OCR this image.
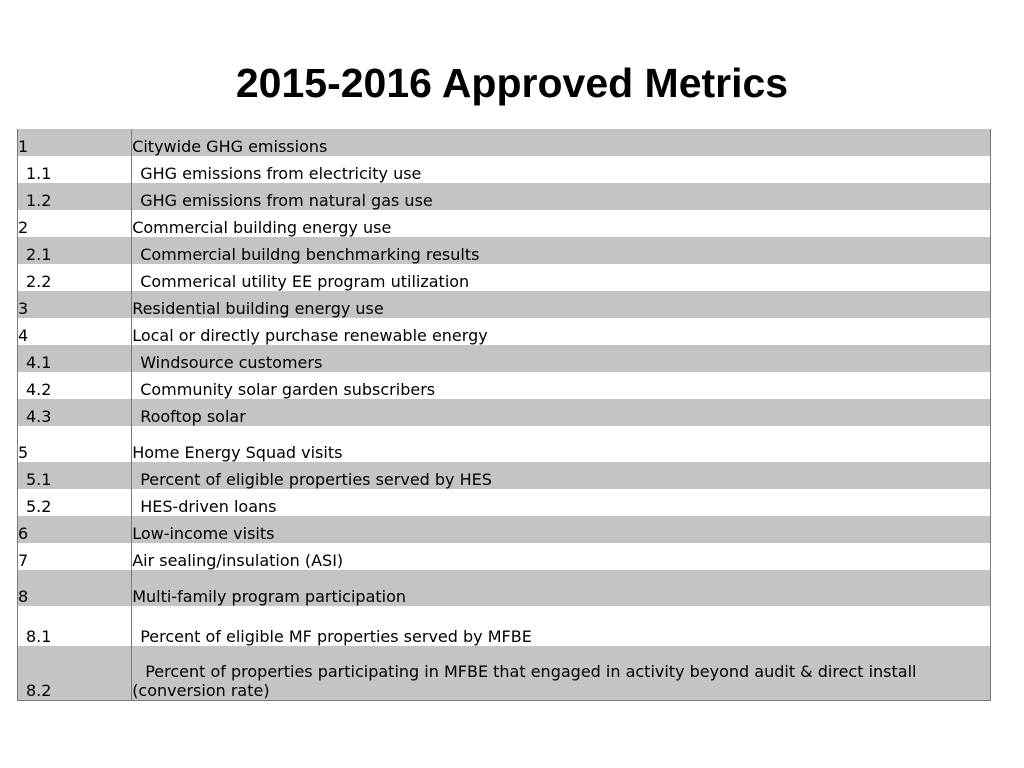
2015-2016 Approved Metrics
1	Citywide GHG emissions
1.1	GHG emissions from electricity use
1.2	GHG emissions from natural gas use
2	Commercial building energy use
2.1	Commercial buildng benchmarking results
2.2	Commerical utility EE program utilization
3	Residential building energy use
4	Local or directly purchase renewable energy
4.1	Windsource customers
4.2	Community solar garden subscribers
4.3	Rooftop solar
5	Home Energy Squad visits
5.1	Percent of eligible properties served by HES
5.2	HES-driven loans
6	Low-income visits
7	Air sealing/insulation (ASI)
8	Multi-family program participation
8.1	Percent of eligible MF properties served by MFBE
8.2	Percent of properties participating in MFBE that engaged in activity beyond audit & direct install (conversion rate)
